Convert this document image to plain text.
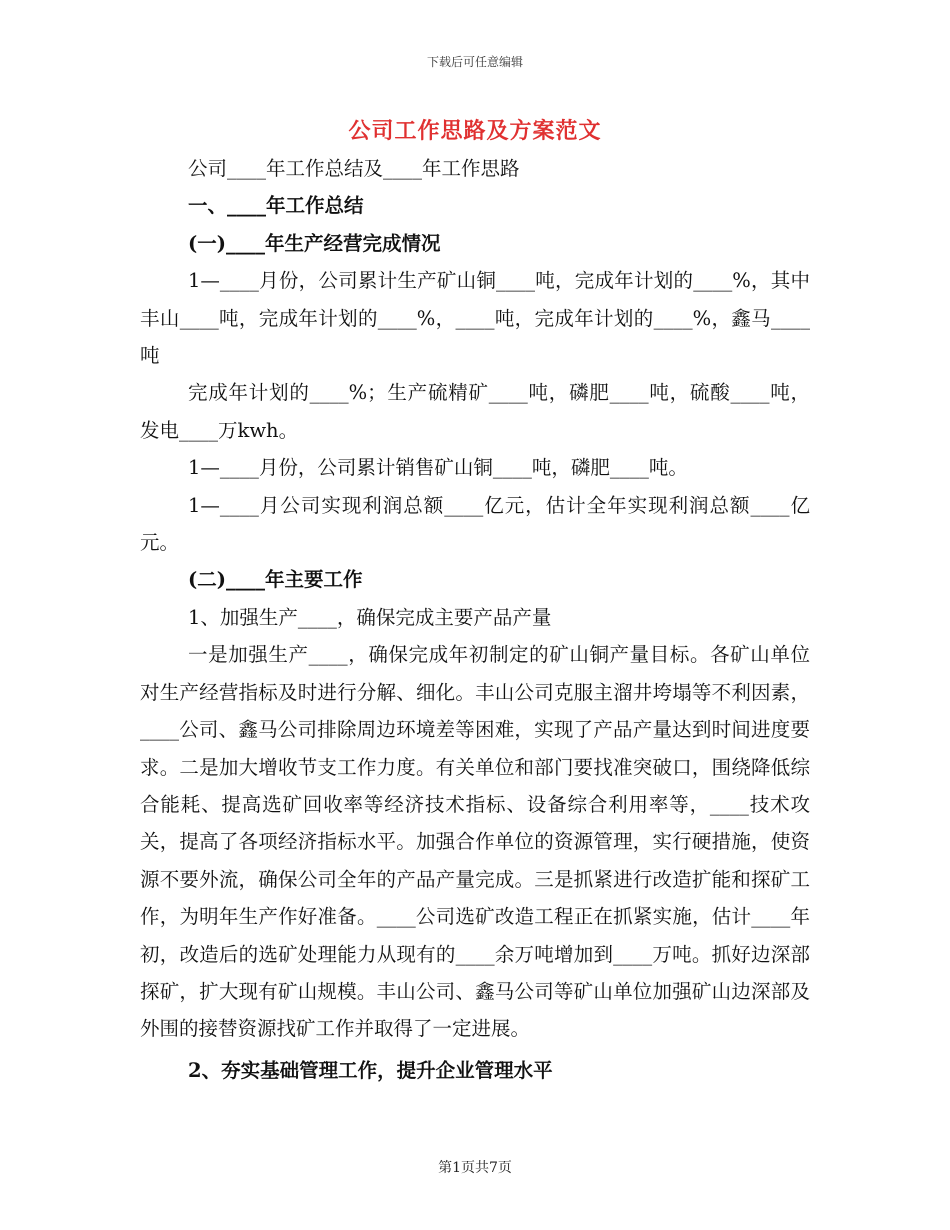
下载后可任意编辑
公司工作思路及方案范文

公司____年工作总结及____年工作思路

一、____年工作总结

(一)____年生产经营完成情况

1—____月份，公司累计生产矿山铜____吨，完成年计划的____%，其中丰山____吨，完成年计划的____%，____吨，完成年计划的____%，鑫马____吨

完成年计划的____%；生产硫精矿____吨，磷肥____吨，硫酸____吨，发电____万kwh。

1—____月份，公司累计销售矿山铜____吨，磷肥____吨。

1—____月公司实现利润总额____亿元，估计全年实现利润总额____亿元。

(二)____年主要工作

1、加强生产____，确保完成主要产品产量

一是加强生产____，确保完成年初制定的矿山铜产量目标。各矿山单位对生产经营指标及时进行分解、细化。丰山公司克服主溜井垮塌等不利因素，____公司、鑫马公司排除周边环境差等困难，实现了产品产量达到时间进度要求。二是加大增收节支工作力度。有关单位和部门要找准突破口，围绕降低综合能耗、提高选矿回收率等经济技术指标、设备综合利用率等，____技术攻关，提高了各项经济指标水平。加强合作单位的资源管理，实行硬措施，使资源不要外流，确保公司全年的产品产量完成。三是抓紧进行改造扩能和探矿工作，为明年生产作好准备。____公司选矿改造工程正在抓紧实施，估计____年初，改造后的选矿处理能力从现有的____余万吨增加到____万吨。抓好边深部探矿，扩大现有矿山规模。丰山公司、鑫马公司等矿山单位加强矿山边深部及外围的接替资源找矿工作并取得了一定进展。

2、夯实基础管理工作，提升企业管理水平

第1页共7页
